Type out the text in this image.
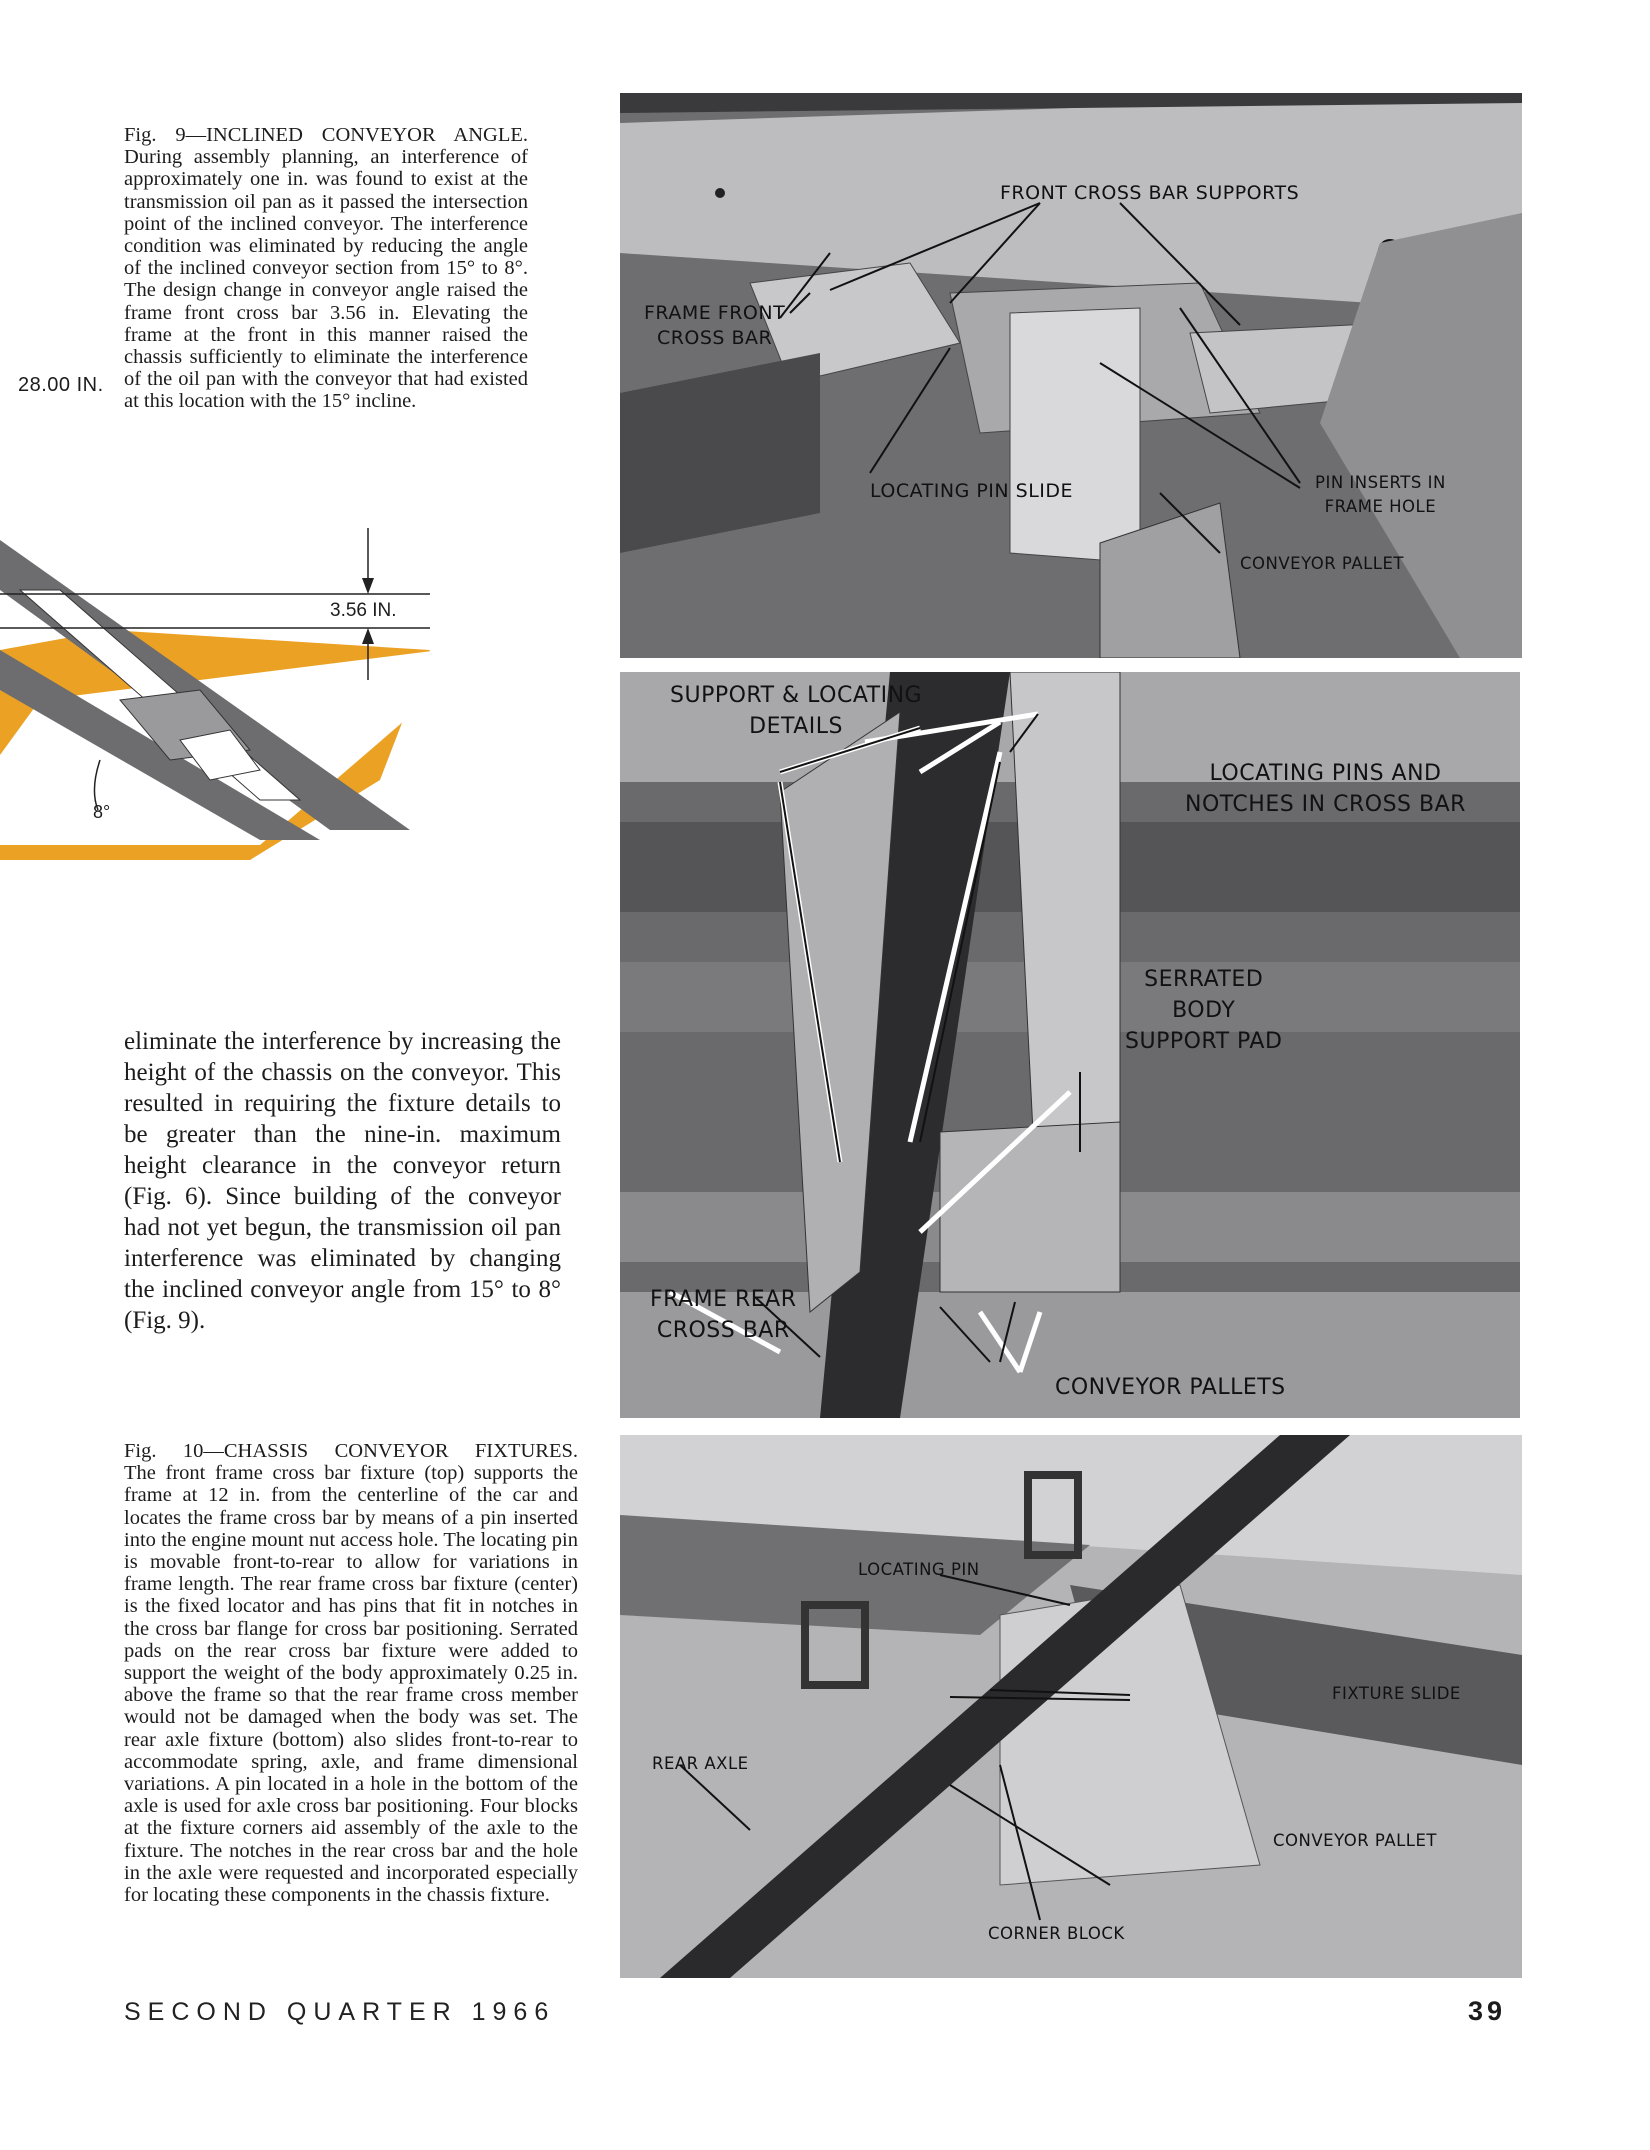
Fig. 9—INCLINED CONVEYOR ANGLE.
During assembly planning, an interference of approximately one in. was found to exist at the transmission oil pan as it passed the intersection point of the inclined conveyor. The interference condition was eliminated by reducing the angle of the inclined conveyor section from 15° to 8°. The design change in conveyor angle raised the frame front cross bar 3.56 in. Elevating the frame at the front in this manner raised the chassis sufficiently to eliminate the interference of the oil pan with the conveyor that had existed at this location with the 15° incline.
28.00 IN.
3.56 IN.
8°
eliminate the interference by increasing the height of the chassis on the conveyor. This resulted in requiring the fixture details to be greater than the nine-in. maximum height clearance in the conveyor return (Fig. 6). Since building of the conveyor had not yet begun, the transmission oil pan interference was eliminated by changing the inclined conveyor angle from 15° to 8° (Fig. 9).
Fig. 10—CHASSIS CONVEYOR FIXTURES.
The front frame cross bar fixture (top) supports the frame at 12 in. from the centerline of the car and locates the frame cross bar by means of a pin inserted into the engine mount nut access hole. The locating pin is movable front-to-rear to allow for variations in frame length. The rear frame cross bar fixture (center) is the fixed locator and has pins that fit in notches in the cross bar flange for cross bar positioning. Serrated pads on the rear cross bar fixture were added to support the weight of the body approximately 0.25 in. above the frame so that the rear frame cross member would not be damaged when the body was set. The rear axle fixture (bottom) also slides front-to-rear to accommodate spring, axle, and frame dimensional variations. A pin located in a hole in the bottom of the axle is used for axle cross bar positioning. Four blocks at the fixture corners aid assembly of the axle to the fixture. The notches in the rear cross bar and the hole in the axle were requested and incorporated especially for locating these components in the chassis fixture.
FRONT CROSS BAR SUPPORTS
FRAME FRONT
CROSS BAR
LOCATING PIN SLIDE	PIN INSERTS IN
FRAME HOLE
CONVEYOR PALLET
SUPPORT & LOCATING
DETAILS
LOCATING PINS AND
NOTCHES IN CROSS BAR
SERRATED
BODY
SUPPORT PAD
FRAME REAR
CROSS BAR
CONVEYOR PALLETS
LOCATING PIN
FIXTURE SLIDE
REAR AXLE
CONVEYOR PALLET
CORNER BLOCK
SECOND QUARTER 1966	39
